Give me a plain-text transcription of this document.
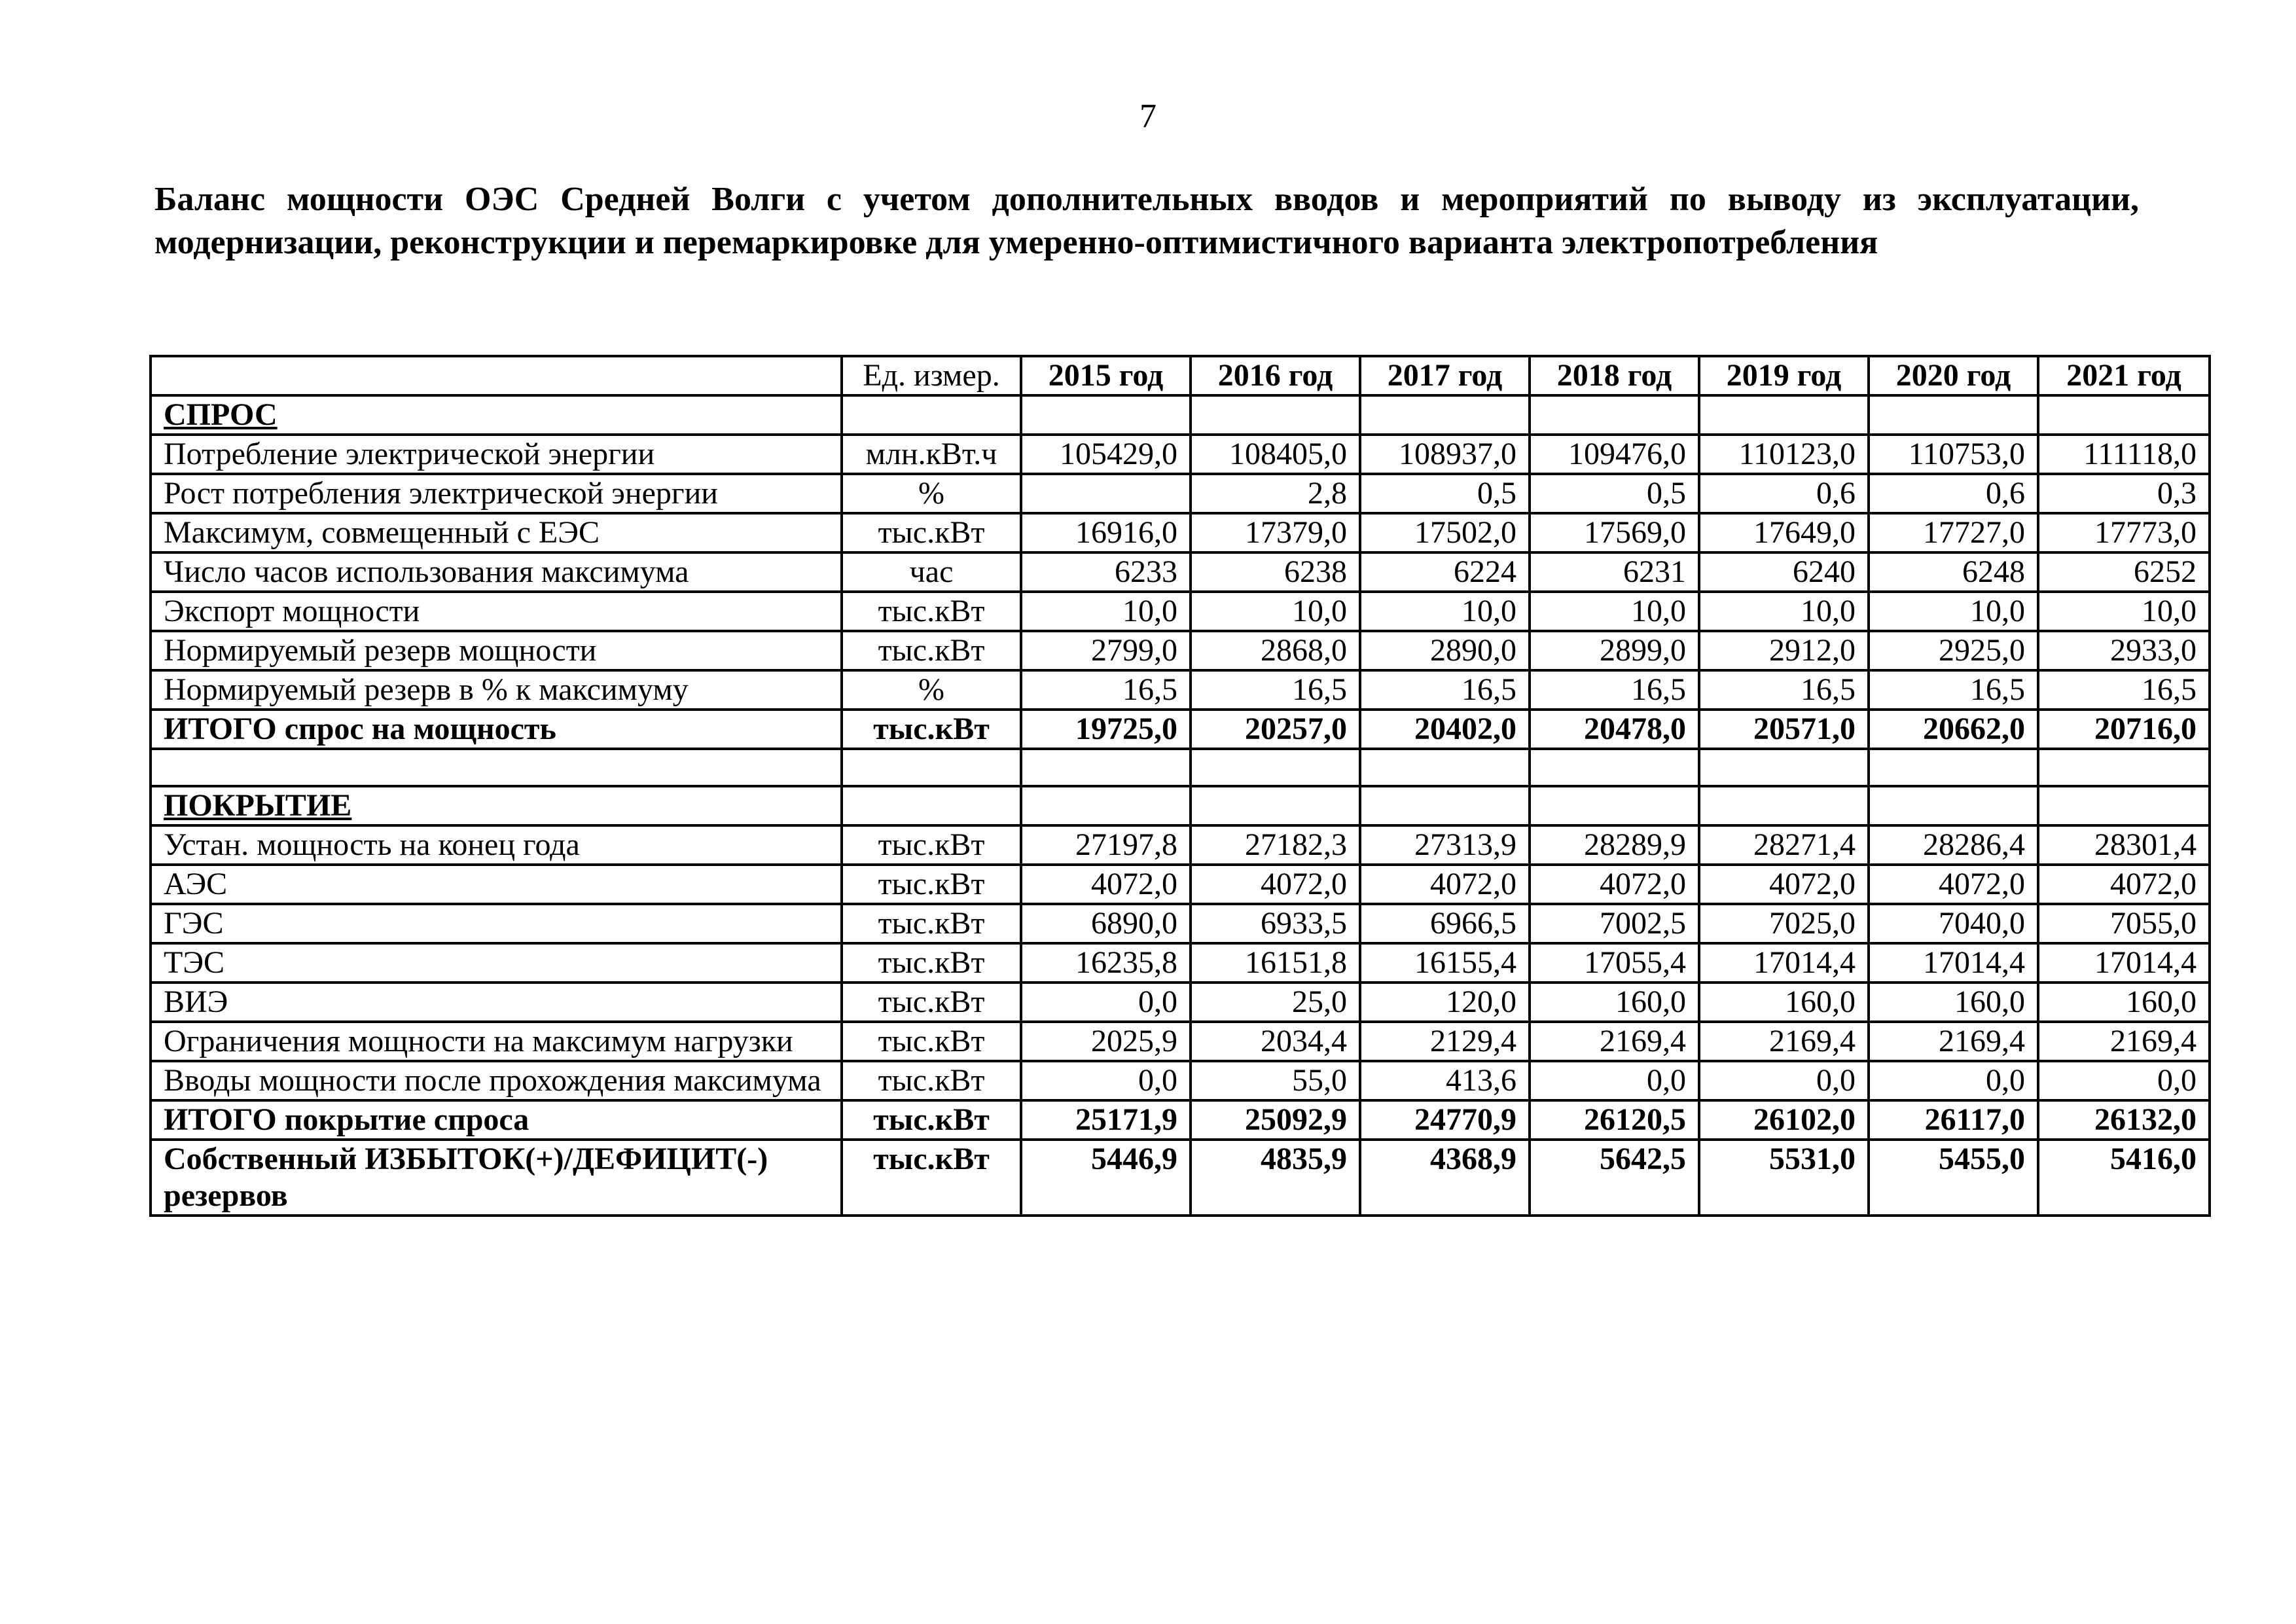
7

Баланс мощности ОЭС Средней Волги с учетом дополнительных вводов и мероприятий по выводу из эксплуатации, модернизации, реконструкции и перемаркировке для умеренно-оптимистичного варианта электропотребления

	Ед. измер.	2015 год	2016 год	2017 год	2018 год	2019 год	2020 год	2021 год
СПРОС								
Потребление электрической энергии	млн.кВт.ч	105429,0	108405,0	108937,0	109476,0	110123,0	110753,0	111118,0
Рост потребления электрической энергии	%		2,8	0,5	0,5	0,6	0,6	0,3
Максимум, совмещенный с ЕЭС	тыс.кВт	16916,0	17379,0	17502,0	17569,0	17649,0	17727,0	17773,0
Число часов использования максимума	час	6233	6238	6224	6231	6240	6248	6252
Экспорт мощности	тыс.кВт	10,0	10,0	10,0	10,0	10,0	10,0	10,0
Нормируемый резерв мощности	тыс.кВт	2799,0	2868,0	2890,0	2899,0	2912,0	2925,0	2933,0
Нормируемый резерв в % к максимуму	%	16,5	16,5	16,5	16,5	16,5	16,5	16,5
ИТОГО спрос на мощность	тыс.кВт	19725,0	20257,0	20402,0	20478,0	20571,0	20662,0	20716,0

ПОКРЫТИЕ								
Устан. мощность на конец года	тыс.кВт	27197,8	27182,3	27313,9	28289,9	28271,4	28286,4	28301,4
АЭС	тыс.кВт	4072,0	4072,0	4072,0	4072,0	4072,0	4072,0	4072,0
ГЭС	тыс.кВт	6890,0	6933,5	6966,5	7002,5	7025,0	7040,0	7055,0
ТЭС	тыс.кВт	16235,8	16151,8	16155,4	17055,4	17014,4	17014,4	17014,4
ВИЭ	тыс.кВт	0,0	25,0	120,0	160,0	160,0	160,0	160,0
Ограничения мощности на максимум нагрузки	тыс.кВт	2025,9	2034,4	2129,4	2169,4	2169,4	2169,4	2169,4
Вводы мощности после прохождения максимума	тыс.кВт	0,0	55,0	413,6	0,0	0,0	0,0	0,0
ИТОГО покрытие спроса	тыс.кВт	25171,9	25092,9	24770,9	26120,5	26102,0	26117,0	26132,0
Собственный ИЗБЫТОК(+)/ДЕФИЦИТ(-) резервов	тыс.кВт	5446,9	4835,9	4368,9	5642,5	5531,0	5455,0	5416,0
